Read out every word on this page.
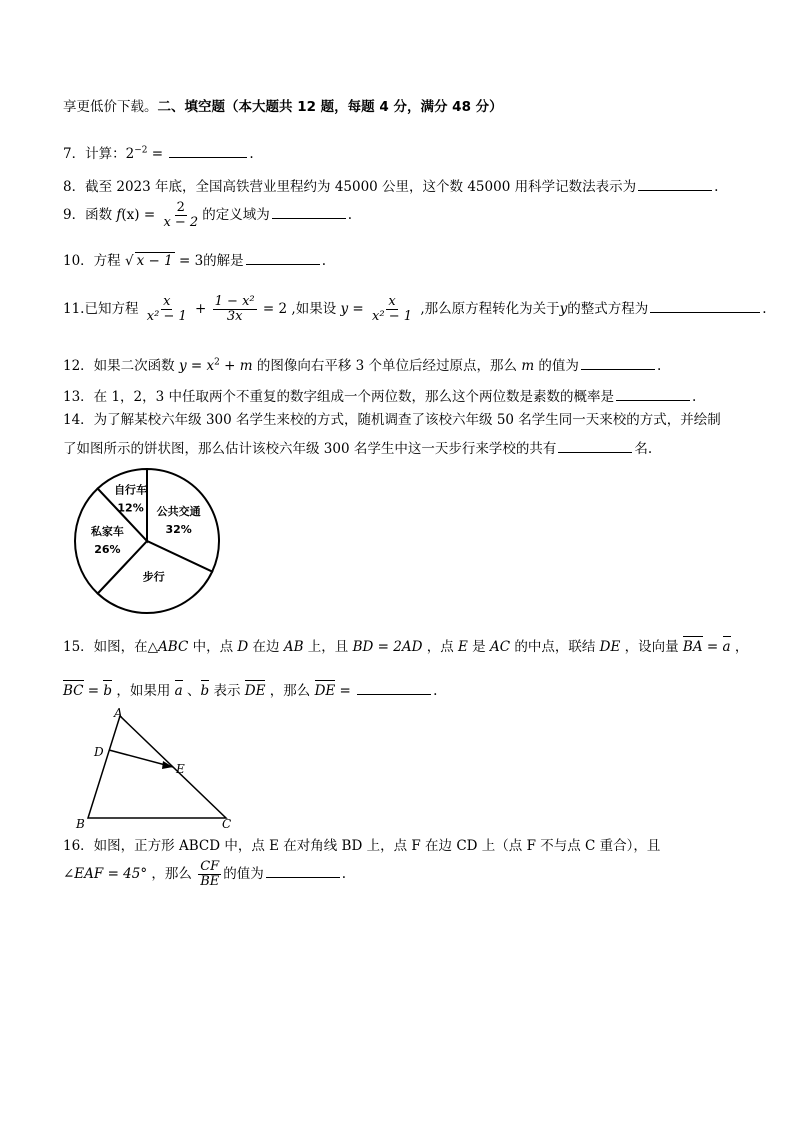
享更低价下载。二、填空题（本大题共 12 题，每题 4 分，满分 48 分）
7．计算：$2^{-2}$ =	.
8．截至 2023 年底，全国高铁营业里程约为 45000 公里，这个数 45000 用科学记数法表示为	.
9．函数 $f(x) = \frac{2}{x - 2}$ 的定义域为	.
10．方程 √ x − 1 = 3的解是	.
11.已知方程 $\frac{x}{\text{x² − 1}} + \frac{\text{1 − x²}}{3x} = 2$ ,如果设 $y = \frac{x}{\text{x² − 1}}$ ,那么原方程转化为关于y的整式方程为	.
12．如果二次函数 $y = x^2 + m$ 的图像向右平移 3 个单位后经过原点，那么 m 的值为	.
13．在 1，2，3 中任取两个不重复的数字组成一个两位数，那么这个两位数是素数的概率是	.
14．为了解某校六年级 300 名学生来校的方式，随机调查了该校六年级 50 名学生同一天来校的方式，并绘制
了如图所示的饼状图，那么估计该校六年级 300 名学生中这一天步行来学校的共有	名.
公共交通
32%
步行
私家车
26%
自行车
12%
15．如图，在△ABC 中，点 D 在边 AB 上，且 BD = 2AD ，点 E 是 AC 的中点，联结 DE ，设向量 BA = a ，
BC = b ，如果用 a 、b 表示 DE ，那么 DE =	.
A
D
E
B	C
16．如图，正方形 ABCD 中，点 E 在对角线 BD 上，点 F 在边 CD 上（点 F 不与点 C 重合），且
∠EAF = 45° ，那么 $\frac{CF}{BE}$ 的值为	.
